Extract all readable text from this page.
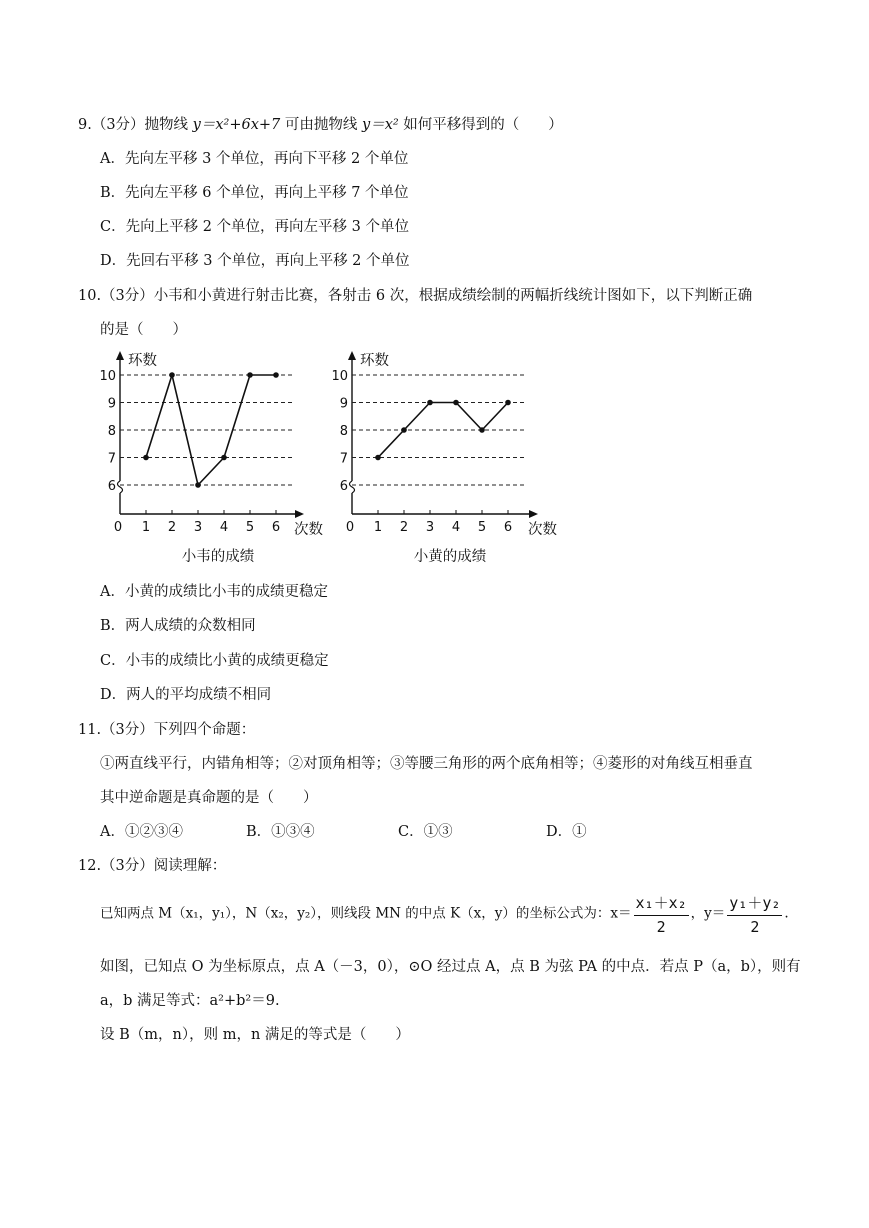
9.（3分）抛物线 y＝x²+6x+7 可由抛物线 y＝x² 如何平移得到的（　　）
A．先向左平移 3 个单位，再向下平移 2 个单位
B．先向左平移 6 个单位，再向上平移 7 个单位
C．先向上平移 2 个单位，再向左平移 3 个单位
D．先回右平移 3 个单位，再向上平移 2 个单位
10.（3分）小韦和小黄进行射击比赛，各射击 6 次，根据成绩绘制的两幅折线统计图如下，以下判断正确
的是（　　）
6
7
8
9
10
0 1 2 3 4 5 6
环数
次数
小韦的成绩
6
7
8
9
10
0 1 2 3 4 5 6
环数
次数
小黄的成绩
A．小黄的成绩比小韦的成绩更稳定
B．两人成绩的众数相同
C．小韦的成绩比小黄的成绩更稳定
D．两人的平均成绩不相同
11.（3分）下列四个命题：
①两直线平行，内错角相等；②对顶角相等；③等腰三角形的两个底角相等；④菱形的对角线互相垂直
其中逆命题是真命题的是（　　）
A．①②③④	B．①③④	C．①③	D．①
12.（3分）阅读理解：
已知两点 M（x₁，y₁），N（x₂，y₂），则线段 MN 的中点 K（x，y）的坐标公式为：$x= \frac{\text{x₁＋x₂}}{2}$ ，$y= \frac{\text{y₁＋y₂}}{2}$ .
如图，已知点 O 为坐标原点，点 A（－3，0），⊙O 经过点 A，点 B 为弦 PA 的中点．若点 P（a，b），则有
a，b 满足等式：a²+b²＝9.
设 B（m，n），则 m，n 满足的等式是（　　）
